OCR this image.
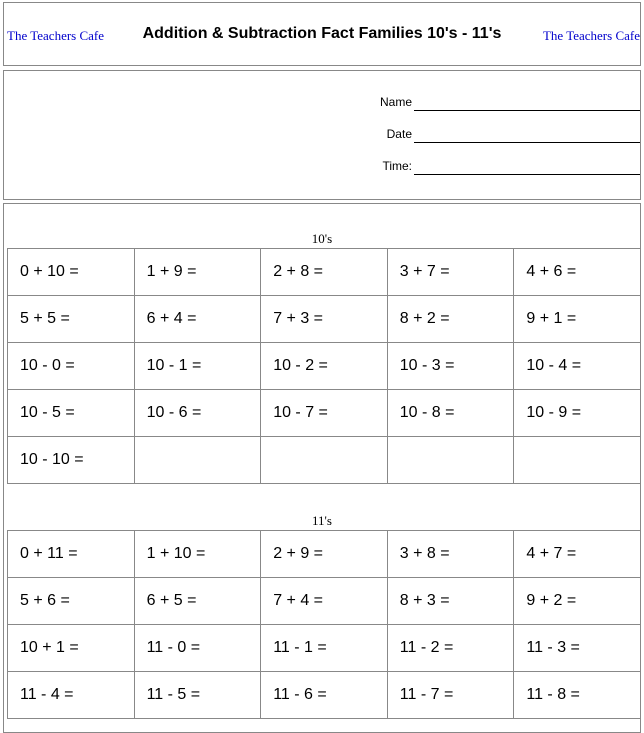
The Teachers Cafe	Addition & Subtraction Fact Families 10's - 11's	The Teachers Cafe
Name
Date
Time:
10's
0 + 10 =	1 + 9 =	2 + 8 =	3 + 7 =	4 + 6 =
5 + 5 =	6 + 4 =	7 + 3 =	8 + 2 =	9 + 1 =
10 - 0 =	10 - 1 =	10 - 2 =	10 - 3 =	10 - 4 =
10 - 5 =	10 - 6 =	10 - 7 =	10 - 8 =	10 - 9 =
10 - 10 =				
11's
0 + 11 =	1 + 10 =	2 + 9 =	3 + 8 =	4 + 7 =
5 + 6 =	6 + 5 =	7 + 4 =	8 + 3 =	9 + 2 =
10 + 1 =	11 - 0 =	11 - 1 =	11 - 2 =	11 - 3 =
11 - 4 =	11 - 5 =	11 - 6 =	11 - 7 =	11 - 8 =
